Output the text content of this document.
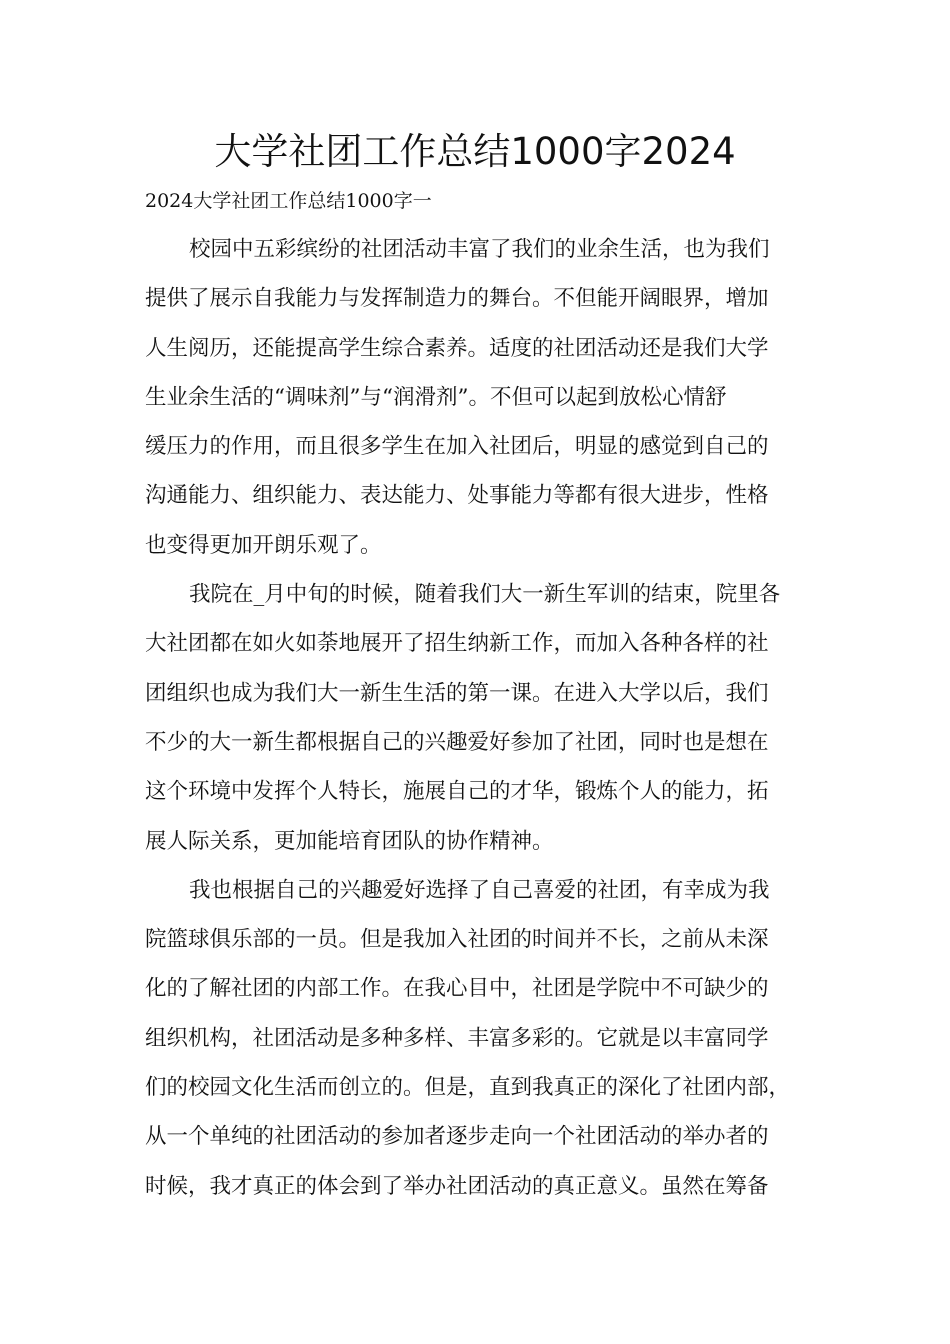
大学社团工作总结1000字2024
2024大学社团工作总结1000字一
校园中五彩缤纷的社团活动丰富了我们的业余生活，也为我们
提供了展示自我能力与发挥制造力的舞台。不但能开阔眼界，增加
人生阅历，还能提高学生综合素养。适度的社团活动还是我们大学
生业余生活的“调味剂”与“润滑剂”。不但可以起到放松心情舒
缓压力的作用，而且很多学生在加入社团后，明显的感觉到自己的
沟通能力、组织能力、表达能力、处事能力等都有很大进步，性格
也变得更加开朗乐观了。
我院在_月中旬的时候，随着我们大一新生军训的结束，院里各
大社团都在如火如荼地展开了招生纳新工作，而加入各种各样的社
团组织也成为我们大一新生生活的第一课。在进入大学以后，我们
不少的大一新生都根据自己的兴趣爱好参加了社团，同时也是想在
这个环境中发挥个人特长，施展自己的才华，锻炼个人的能力，拓
展人际关系，更加能培育团队的协作精神。
我也根据自己的兴趣爱好选择了自己喜爱的社团，有幸成为我
院篮球俱乐部的一员。但是我加入社团的时间并不长，之前从未深
化的了解社团的内部工作。在我心目中，社团是学院中不可缺少的
组织机构，社团活动是多种多样、丰富多彩的。它就是以丰富同学
们的校园文化生活而创立的。但是，直到我真正的深化了社团内部，
从一个单纯的社团活动的参加者逐步走向一个社团活动的举办者的
时候，我才真正的体会到了举办社团活动的真正意义。虽然在筹备
